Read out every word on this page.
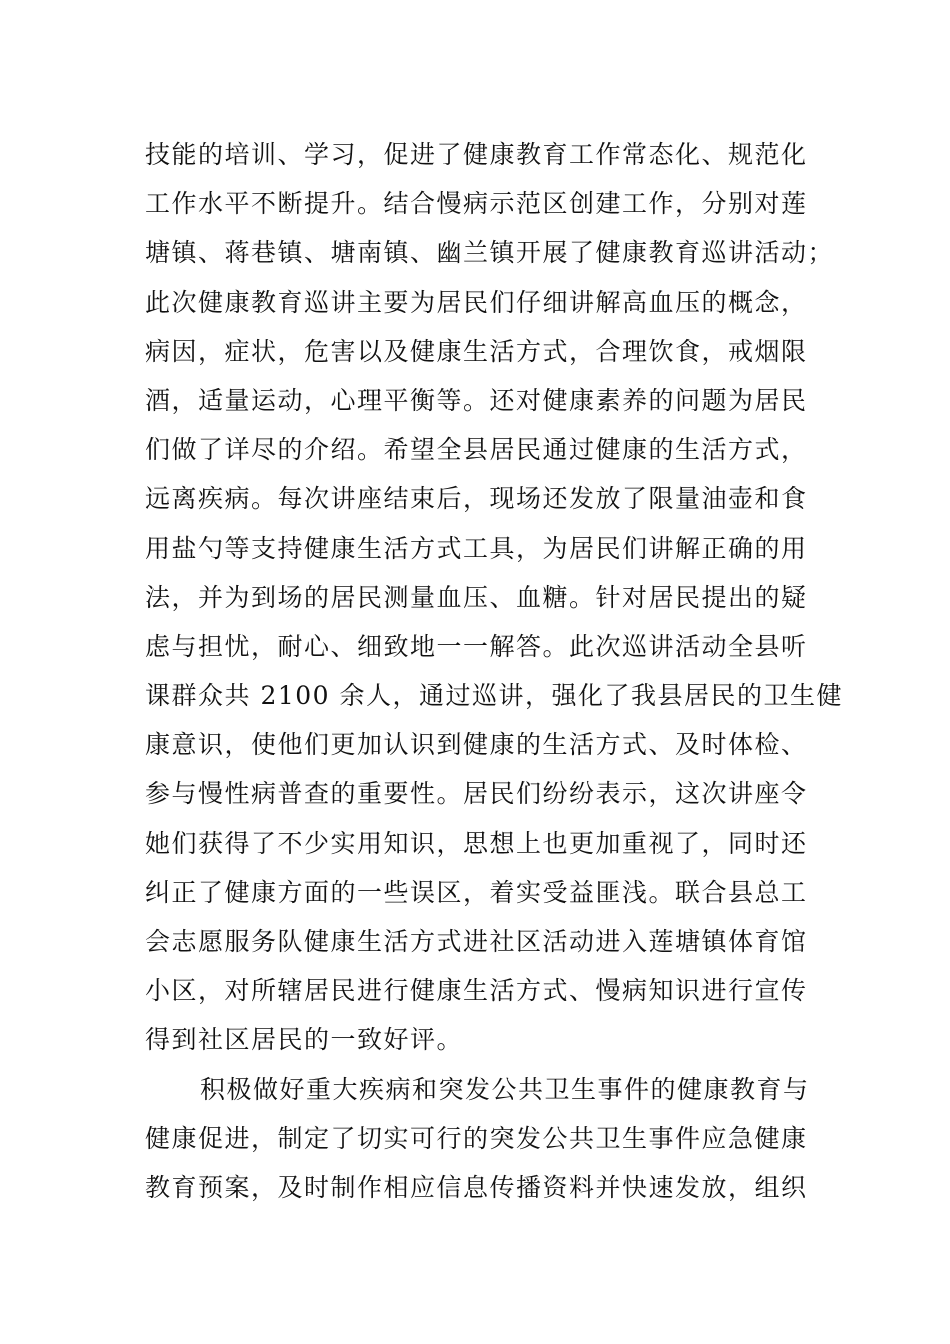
技能的培训、学习，促进了健康教育工作常态化、规范化
工作水平不断提升。结合慢病示范区创建工作，分别对莲
塘镇、蒋巷镇、塘南镇、幽兰镇开展了健康教育巡讲活动；
此次健康教育巡讲主要为居民们仔细讲解高血压的概念，
病因，症状，危害以及健康生活方式，合理饮食，戒烟限
酒，适量运动，心理平衡等。还对健康素养的问题为居民
们做了详尽的介绍。希望全县居民通过健康的生活方式，
远离疾病。每次讲座结束后，现场还发放了限量油壶和食
用盐勺等支持健康生活方式工具，为居民们讲解正确的用
法，并为到场的居民测量血压、血糖。针对居民提出的疑
虑与担忧，耐心、细致地一一解答。此次巡讲活动全县听
课群众共 2100 余人，通过巡讲，强化了我县居民的卫生健
康意识，使他们更加认识到健康的生活方式、及时体检、
参与慢性病普查的重要性。居民们纷纷表示，这次讲座令
她们获得了不少实用知识，思想上也更加重视了，同时还
纠正了健康方面的一些误区，着实受益匪浅。联合县总工
会志愿服务队健康生活方式进社区活动进入莲塘镇体育馆
小区，对所辖居民进行健康生活方式、慢病知识进行宣传
得到社区居民的一致好评。
积极做好重大疾病和突发公共卫生事件的健康教育与
健康促进，制定了切实可行的突发公共卫生事件应急健康
教育预案，及时制作相应信息传播资料并快速发放，组织
